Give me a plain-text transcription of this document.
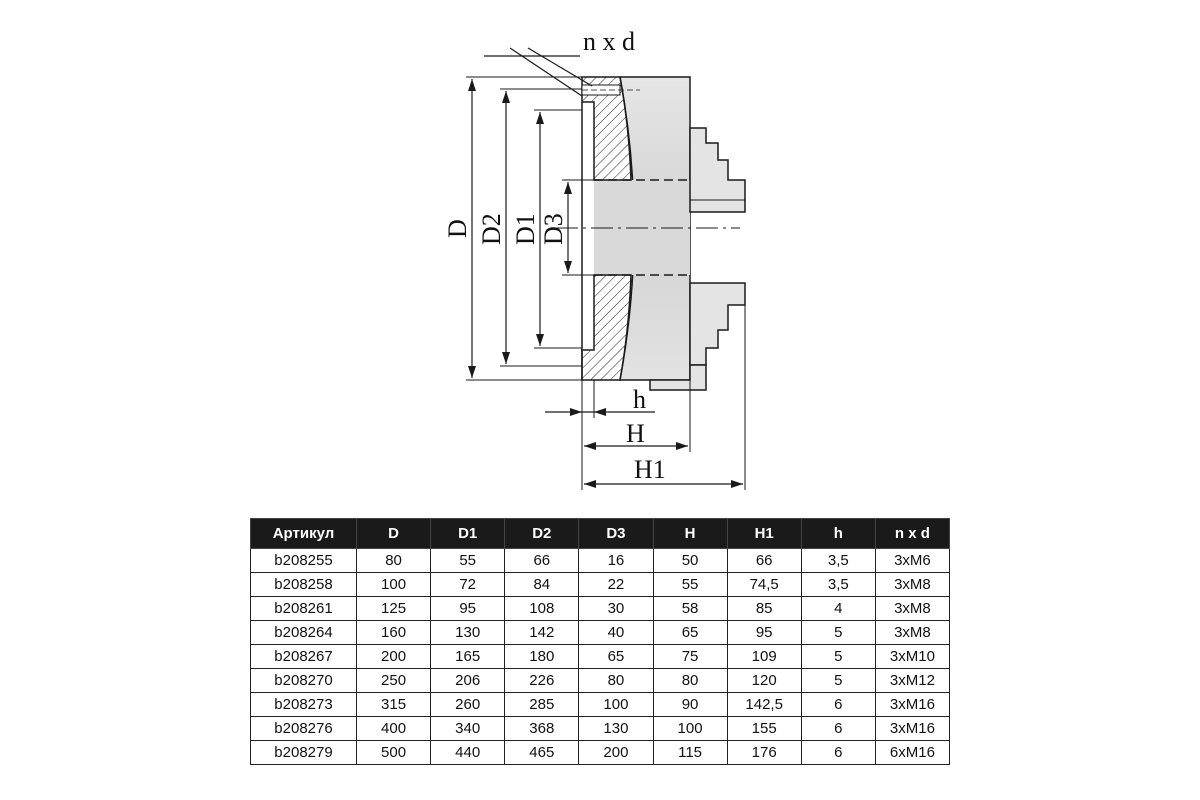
n x d
D D2 D1 D3
h
H
H1
Артикул	D	D1	D2	D3	H	H1	h	n x d
b208255	80	55	66	16	50	66	3,5	3xM6
b208258	100	72	84	22	55	74,5	3,5	3xM8
b208261	125	95	108	30	58	85	4	3xM8
b208264	160	130	142	40	65	95	5	3xM8
b208267	200	165	180	65	75	109	5	3xM10
b208270	250	206	226	80	80	120	5	3xM12
b208273	315	260	285	100	90	142,5	6	3xM16
b208276	400	340	368	130	100	155	6	3xM16
b208279	500	440	465	200	115	176	6	6xM16
